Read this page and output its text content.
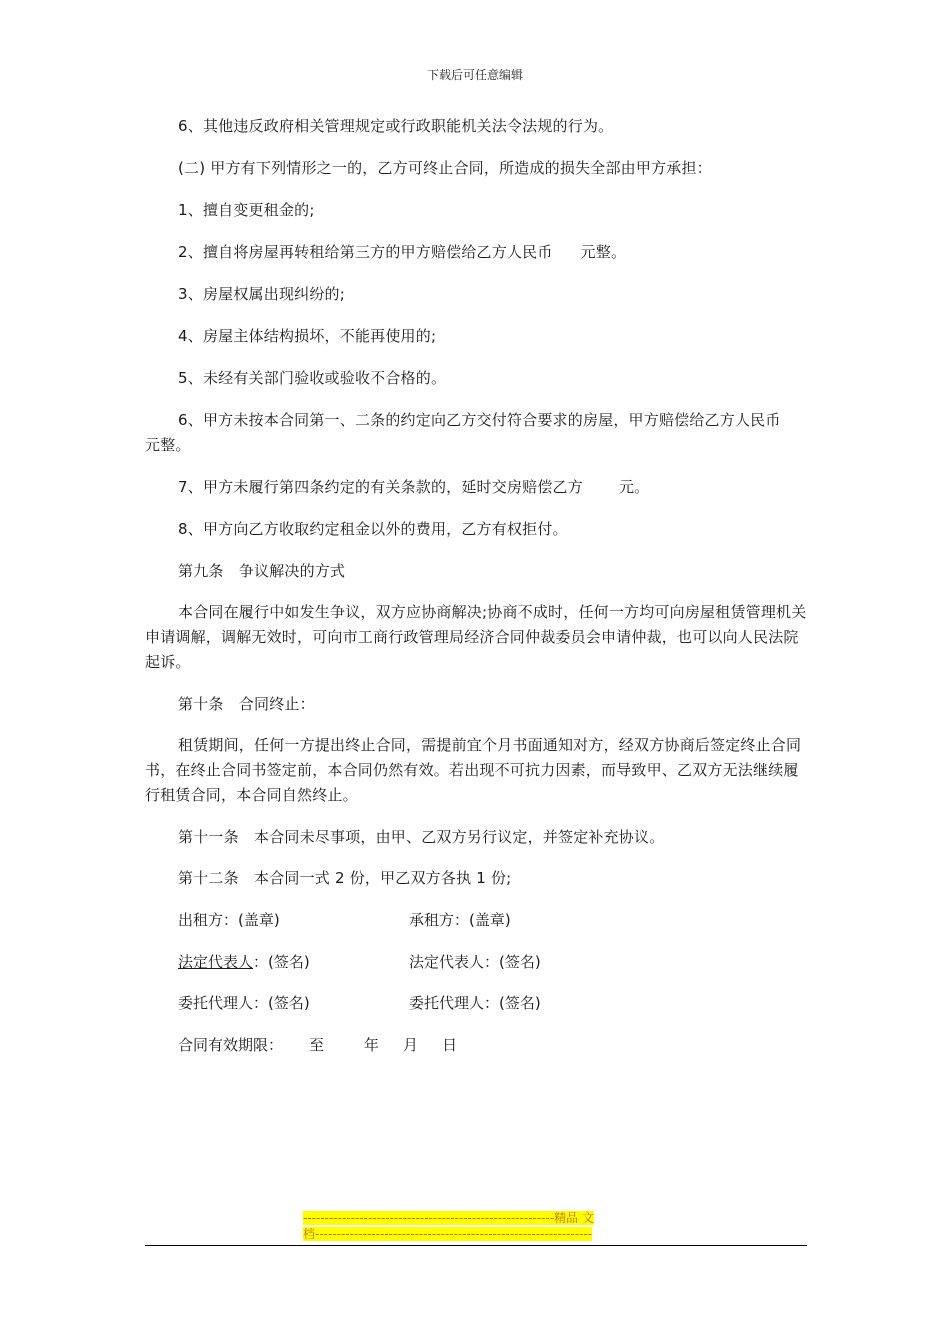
下载后可任意编辑
6、其他违反政府相关管理规定或行政职能机关法令法规的行为。
(二) 甲方有下列情形之一的，乙方可终止合同，所造成的损失全部由甲方承担：
1、擅自变更租金的;
2、擅自将房屋再转租给第三方的甲方赔偿给乙方人民币 元整。
3、房屋权属出现纠纷的;
4、房屋主体结构损坏，不能再使用的;
5、未经有关部门验收或验收不合格的。
6、甲方未按本合同第一、二条的约定向乙方交付符合要求的房屋，甲方赔偿给乙方人民币元整。
7、甲方未履行第四条约定的有关条款的，延时交房赔偿乙方 元。
8、甲方向乙方收取约定租金以外的费用，乙方有权拒付。
第九条　争议解决的方式
本合同在履行中如发生争议，双方应协商解决;协商不成时，任何一方均可向房屋租赁管理机关申请调解，调解无效时，可向市工商行政管理局经济合同仲裁委员会申请仲裁，也可以向人民法院起诉。
第十条　合同终止：
租赁期间，任何一方提出终止合同，需提前宜个月书面通知对方，经双方协商后签定终止合同书，在终止合同书签定前，本合同仍然有效。若出现不可抗力因素，而导致甲、乙双方无法继续履行租赁合同，本合同自然终止。
第十一条　本合同未尽事项，由甲、乙双方另行议定，并签定补充协议。
第十二条　本合同一式 2 份，甲乙双方各执 1 份;
出租方：(盖章)	承租方：(盖章)
法定代表人：(签名)	法定代表人：(签名)
委托代理人：(签名)	委托代理人：(签名)
合同有效期限： 至	年 月 日
----------------------------------------------------------精品 文
档----------------------------------------------------------------
